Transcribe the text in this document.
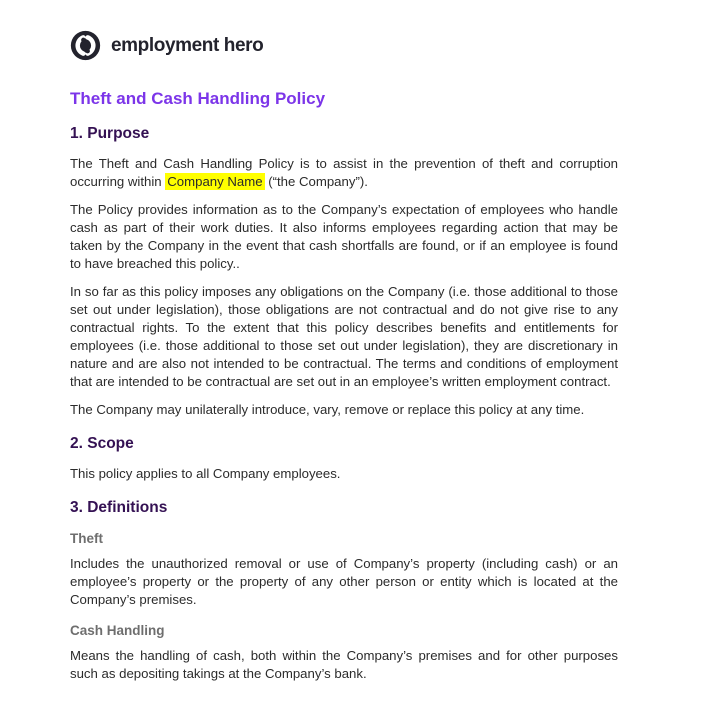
employment hero
Theft and Cash Handling Policy
1. Purpose

The Theft and Cash Handling Policy is to assist in the prevention of theft and corruption occurring within Company Name (“the Company”).

The Policy provides information as to the Company’s expectation of employees who handle cash as part of their work duties. It also informs employees regarding action that may be taken by the Company in the event that cash shortfalls are found, or if an employee is found to have breached this policy..

In so far as this policy imposes any obligations on the Company (i.e. those additional to those set out under legislation), those obligations are not contractual and do not give rise to any contractual rights. To the extent that this policy describes benefits and entitlements for employees (i.e. those additional to those set out under legislation), they are discretionary in nature and are also not intended to be contractual. The terms and conditions of employment that are intended to be contractual are set out in an employee’s written employment contract.

The Company may unilaterally introduce, vary, remove or replace this policy at any time.

2. Scope

This policy applies to all Company employees.

3. Definitions
Theft

Includes the unauthorized removal or use of Company’s property (including cash) or an employee’s property or the property of any other person or entity which is located at the Company’s premises.

Cash Handling

Means the handling of cash, both within the Company’s premises and for other purposes such as depositing takings at the Company’s bank.
